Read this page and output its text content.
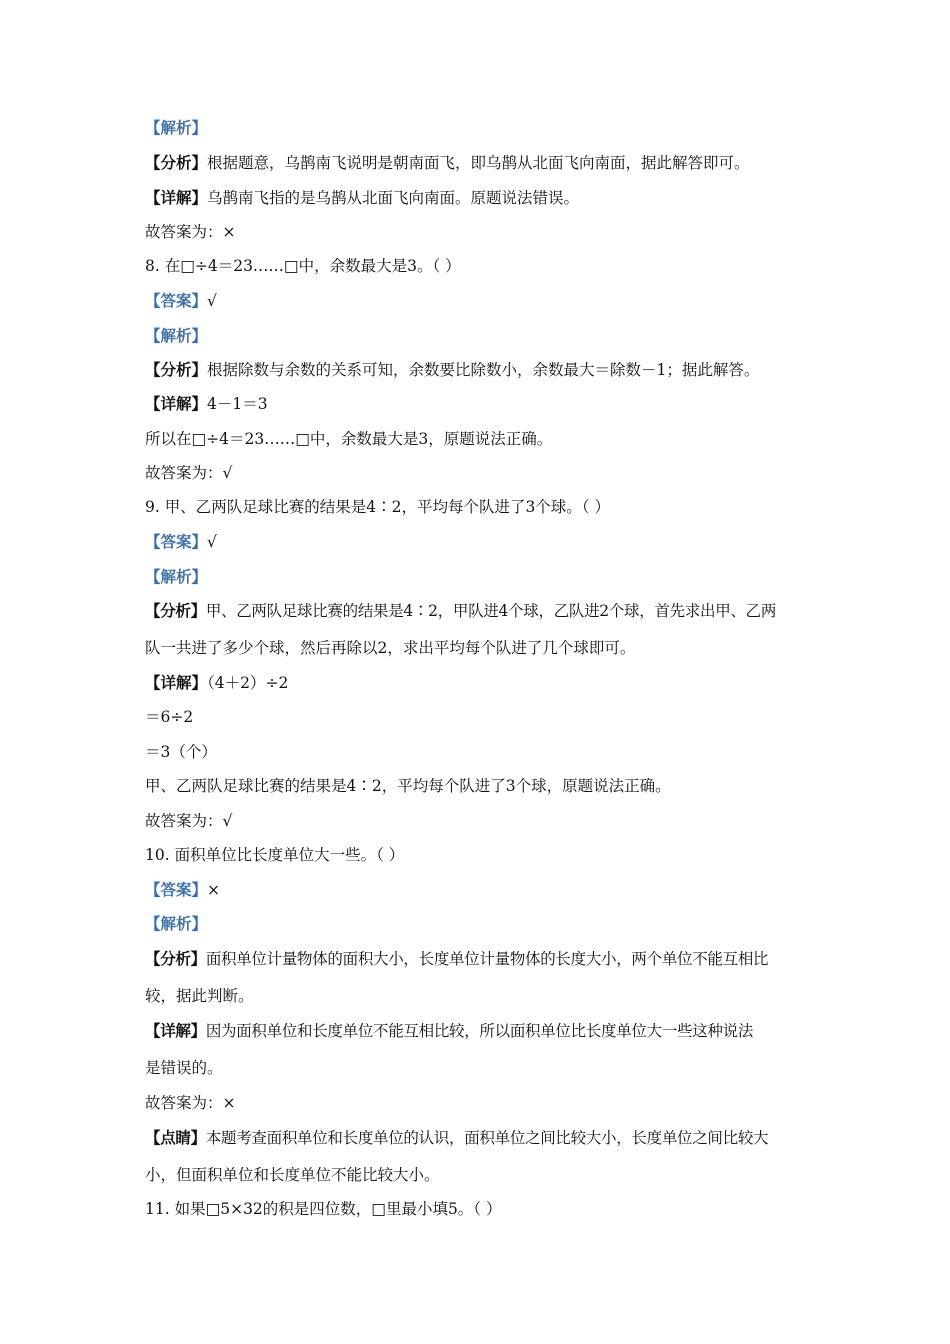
【解析】
【分析】根据题意，乌鹊南飞说明是朝南面飞，即乌鹊从北面飞向南面，据此解答即可。
【详解】乌鹊南飞指的是乌鹊从北面飞向南面。原题说法错误。
故答案为：×
8. 在□÷4＝23……□中，余数最大是3。（ ）
【答案】√
【解析】
【分析】根据除数与余数的关系可知，余数要比除数小，余数最大＝除数－1；据此解答。
【详解】4－1＝3
所以在□÷4＝23……□中，余数最大是3，原题说法正确。
故答案为：√
9. 甲、乙两队足球比赛的结果是4∶2，平均每个队进了3个球。（ ）
【答案】√
【解析】
【分析】甲、乙两队足球比赛的结果是4∶2，甲队进4个球，乙队进2个球，首先求出甲、乙两
队一共进了多少个球，然后再除以2，求出平均每个队进了几个球即可。
【详解】（4＋2）÷2
＝6÷2
＝3（个）
甲、乙两队足球比赛的结果是4∶2，平均每个队进了3个球，原题说法正确。
故答案为：√
10. 面积单位比长度单位大一些。（ ）
【答案】×
【解析】
【分析】面积单位计量物体的面积大小，长度单位计量物体的长度大小，两个单位不能互相比
较，据此判断。
【详解】因为面积单位和长度单位不能互相比较，所以面积单位比长度单位大一些这种说法
是错误的。
故答案为：×
【点睛】本题考查面积单位和长度单位的认识，面积单位之间比较大小，长度单位之间比较大
小，但面积单位和长度单位不能比较大小。
11. 如果□5×32的积是四位数，□里最小填5。（ ）
